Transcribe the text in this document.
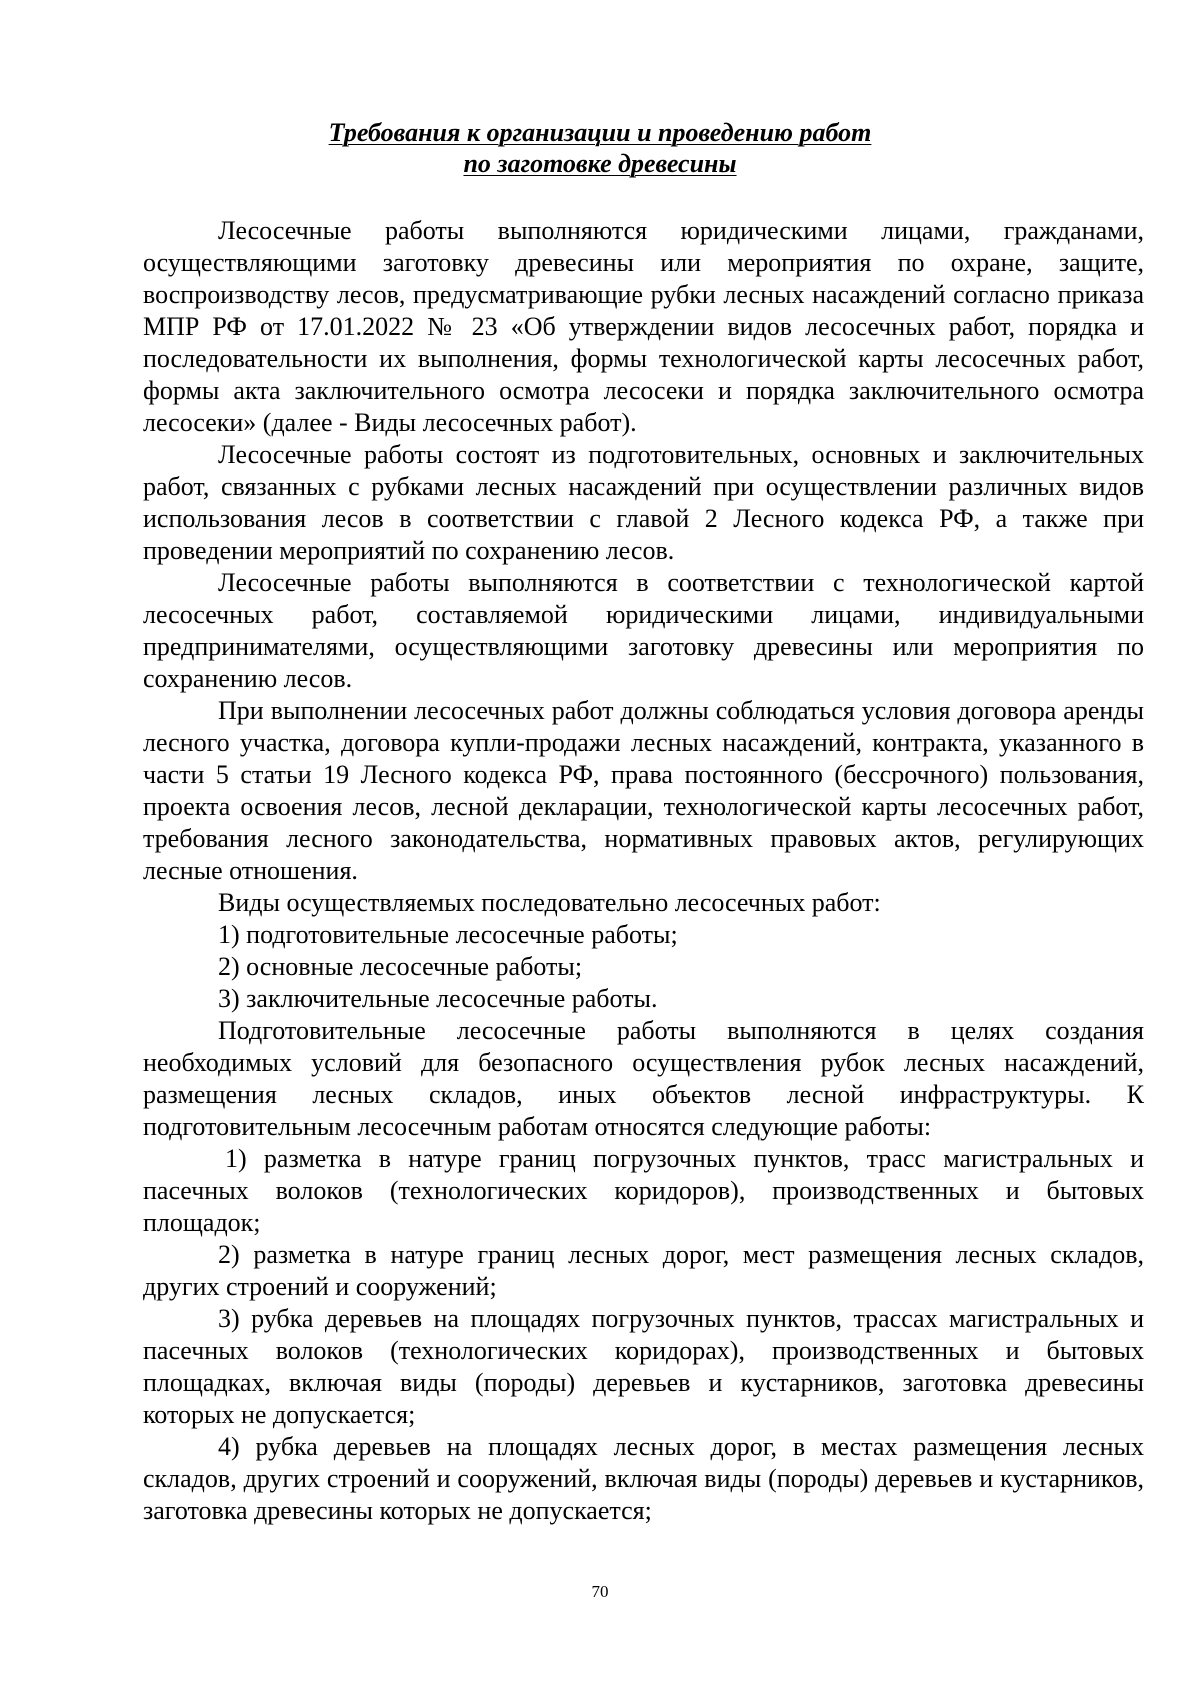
Требования к организации и проведению работ
по заготовке древесины

Лесосечные работы выполняются юридическими лицами, гражданами, осуществляющими заготовку древесины или мероприятия по охране, защите, воспроизводству лесов, предусматривающие рубки лесных насаждений согласно приказа МПР РФ от 17.01.2022 № 23 «Об утверждении видов лесосечных работ, порядка и последовательности их выполнения, формы технологической карты лесосечных работ, формы акта заключительного осмотра лесосеки и порядка заключительного осмотра лесосеки» (далее - Виды лесосечных работ).

Лесосечные работы состоят из подготовительных, основных и заключительных работ, связанных с рубками лесных насаждений при осуществлении различных видов использования лесов в соответствии с главой 2 Лесного кодекса РФ, а также при проведении мероприятий по сохранению лесов.

Лесосечные работы выполняются в соответствии с технологической картой лесосечных работ, составляемой юридическими лицами, индивидуальными предпринимателями, осуществляющими заготовку древесины или мероприятия по сохранению лесов.

При выполнении лесосечных работ должны соблюдаться условия договора аренды лесного участка, договора купли-продажи лесных насаждений, контракта, указанного в части 5 статьи 19 Лесного кодекса РФ, права постоянного (бессрочного) пользования, проекта освоения лесов, лесной декларации, технологической карты лесосечных работ, требования лесного законодательства, нормативных правовых актов, регулирующих лесные отношения.

Виды осуществляемых последовательно лесосечных работ:

1) подготовительные лесосечные работы;

2) основные лесосечные работы;

3) заключительные лесосечные работы.

Подготовительные лесосечные работы выполняются в целях создания необходимых условий для безопасного осуществления рубок лесных насаждений, размещения лесных складов, иных объектов лесной инфраструктуры. К подготовительным лесосечным работам относятся следующие работы:

1) разметка в натуре границ погрузочных пунктов, трасс магистральных и пасечных волоков (технологических коридоров), производственных и бытовых площадок;

2) разметка в натуре границ лесных дорог, мест размещения лесных складов, других строений и сооружений;

3) рубка деревьев на площадях погрузочных пунктов, трассах магистральных и пасечных волоков (технологических коридорах), производственных и бытовых площадках, включая виды (породы) деревьев и кустарников, заготовка древесины которых не допускается;

4) рубка деревьев на площадях лесных дорог, в местах размещения лесных складов, других строений и сооружений, включая виды (породы) деревьев и кустарников, заготовка древесины которых не допускается;

70
